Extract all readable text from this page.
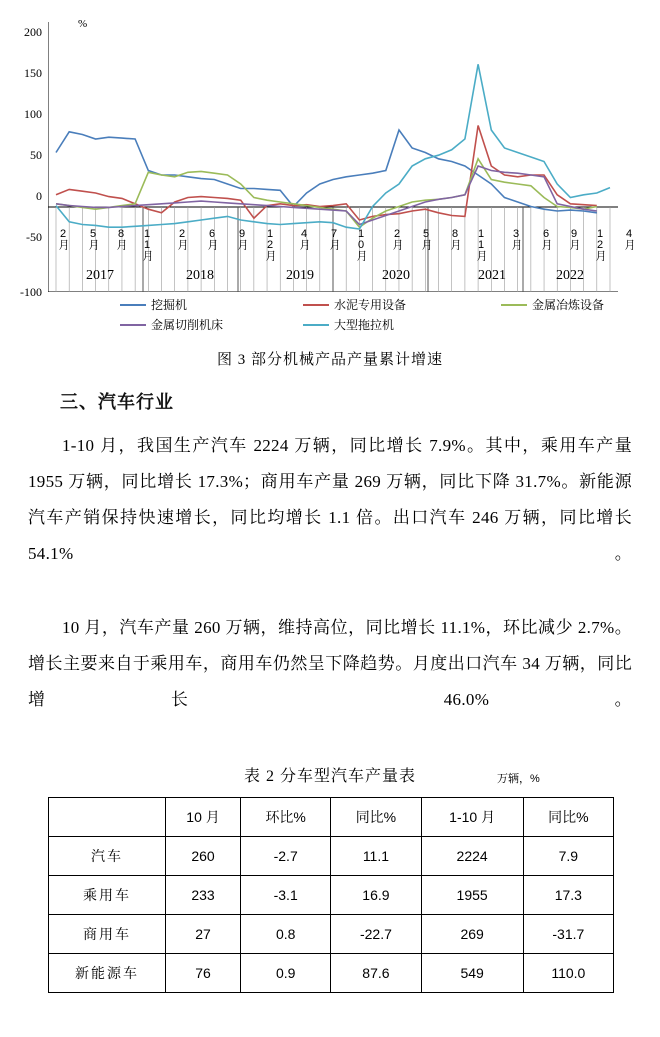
%
200
150
100
50
0
-50
-100
2月 5月 8月 11月 2月 6月 9月 12月 4月 7月 10月 2月 5月 8月 11月 3月 6月 9月 12月 4月
2017	2018	2019	2020	2021	2022
挖掘机	水泥专用设备	金属冶炼设备
金属切削机床	大型拖拉机
图 3 部分机械产品产量累计增速
三、汽车行业
1-10 月，我国生产汽车 2224 万辆，同比增长 7.9%。其中，乘用车产量 1955 万辆，同比增长 17.3%；商用车产量 269 万辆，同比下降 31.7%。新能源汽车产销保持快速增长，同比均增长 1.1 倍。出口汽车 246 万辆，同比增长 54.1%。
10 月，汽车产量 260 万辆，维持高位，同比增长 11.1%，环比减少 2.7%。增长主要来自于乘用车，商用车仍然呈下降趋势。月度出口汽车 34 万辆，同比增长 46.0%。
表 2 分车型汽车产量表	万辆，%
	10 月	环比%	同比%	1-10 月	同比%
汽车	260	-2.7	11.1	2224	7.9
乘用车	233	-3.1	16.9	1955	17.3
商用车	27	0.8	-22.7	269	-31.7
新能源车	76	0.9	87.6	549	110.0
